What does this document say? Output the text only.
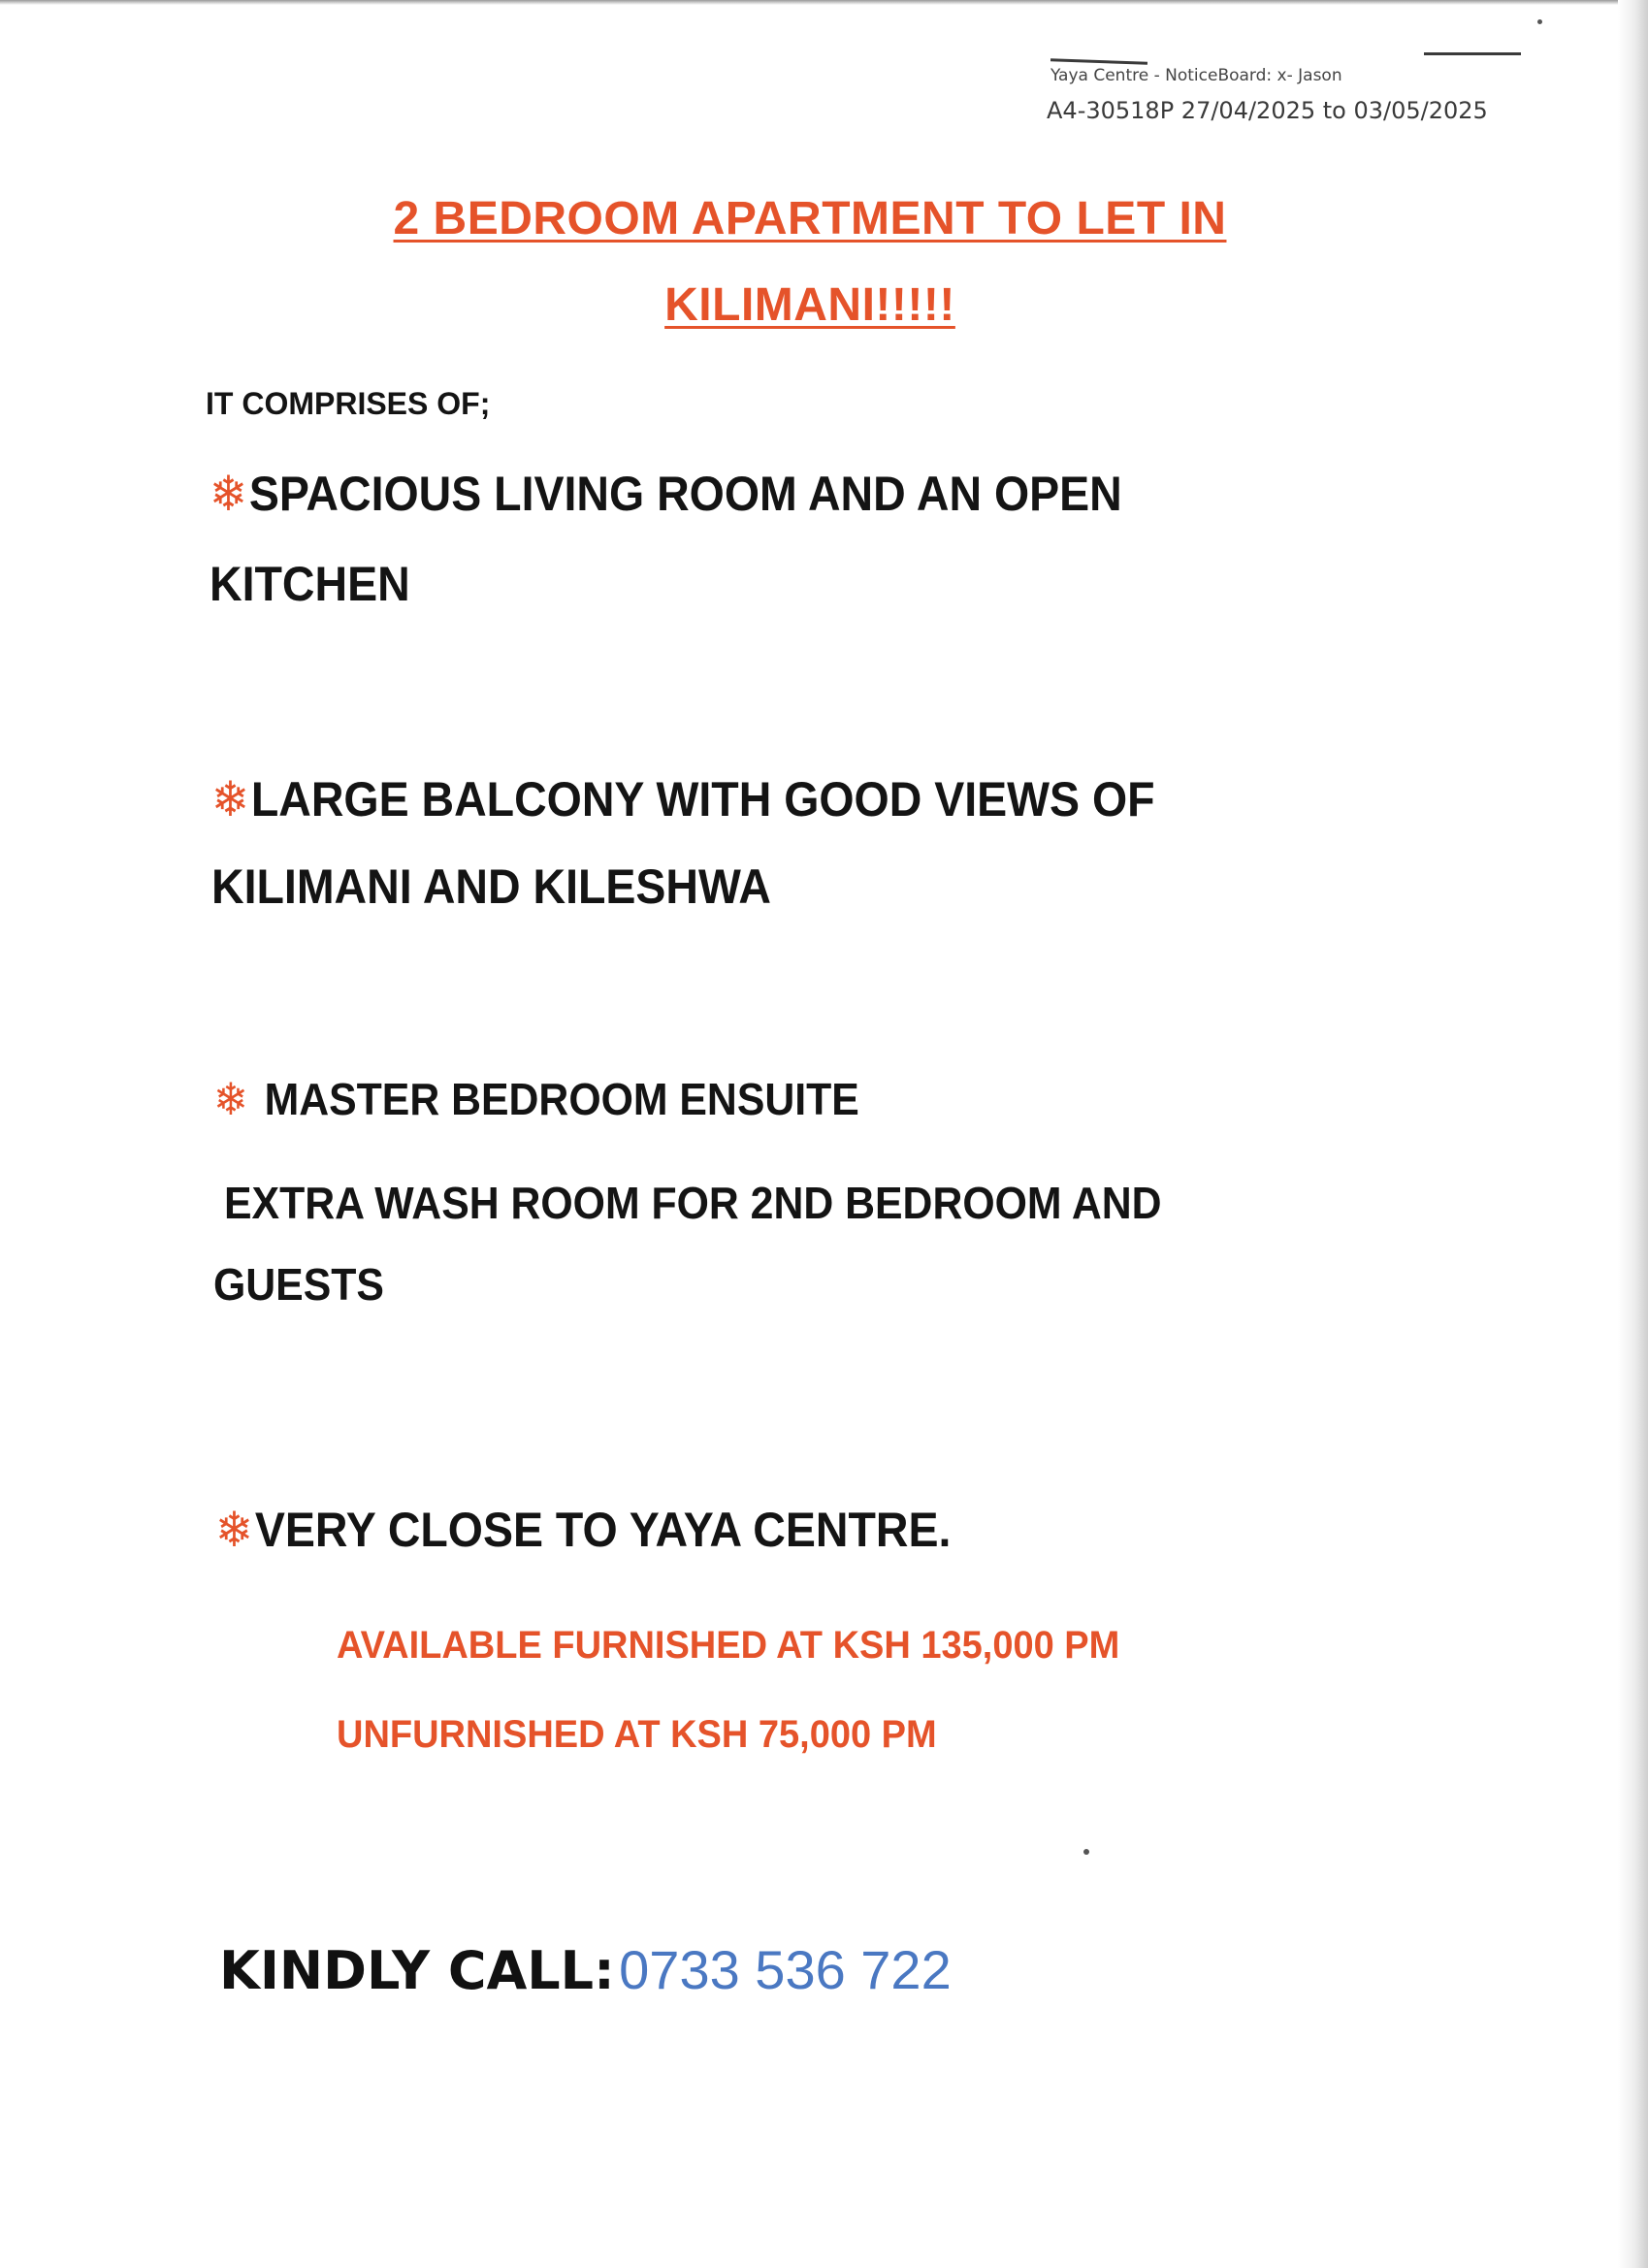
Yaya Centre - NoticeBoard: x- Jason
A4-30518P 27/04/2025 to 03/05/2025
2 BEDROOM APARTMENT TO LET IN
KILIMANI!!!!!
IT COMPRISES OF;
❄SPACIOUS LIVING ROOM AND AN OPEN
KITCHEN
❄LARGE BALCONY WITH GOOD VIEWS OF
KILIMANI AND KILESHWA
❄ MASTER BEDROOM ENSUITE
EXTRA WASH ROOM FOR 2ND BEDROOM AND
GUESTS
❄VERY CLOSE TO YAYA CENTRE.
AVAILABLE FURNISHED AT KSH 135,000 PM
UNFURNISHED AT KSH 75,000 PM
KINDLY CALL: 0733 536 722
